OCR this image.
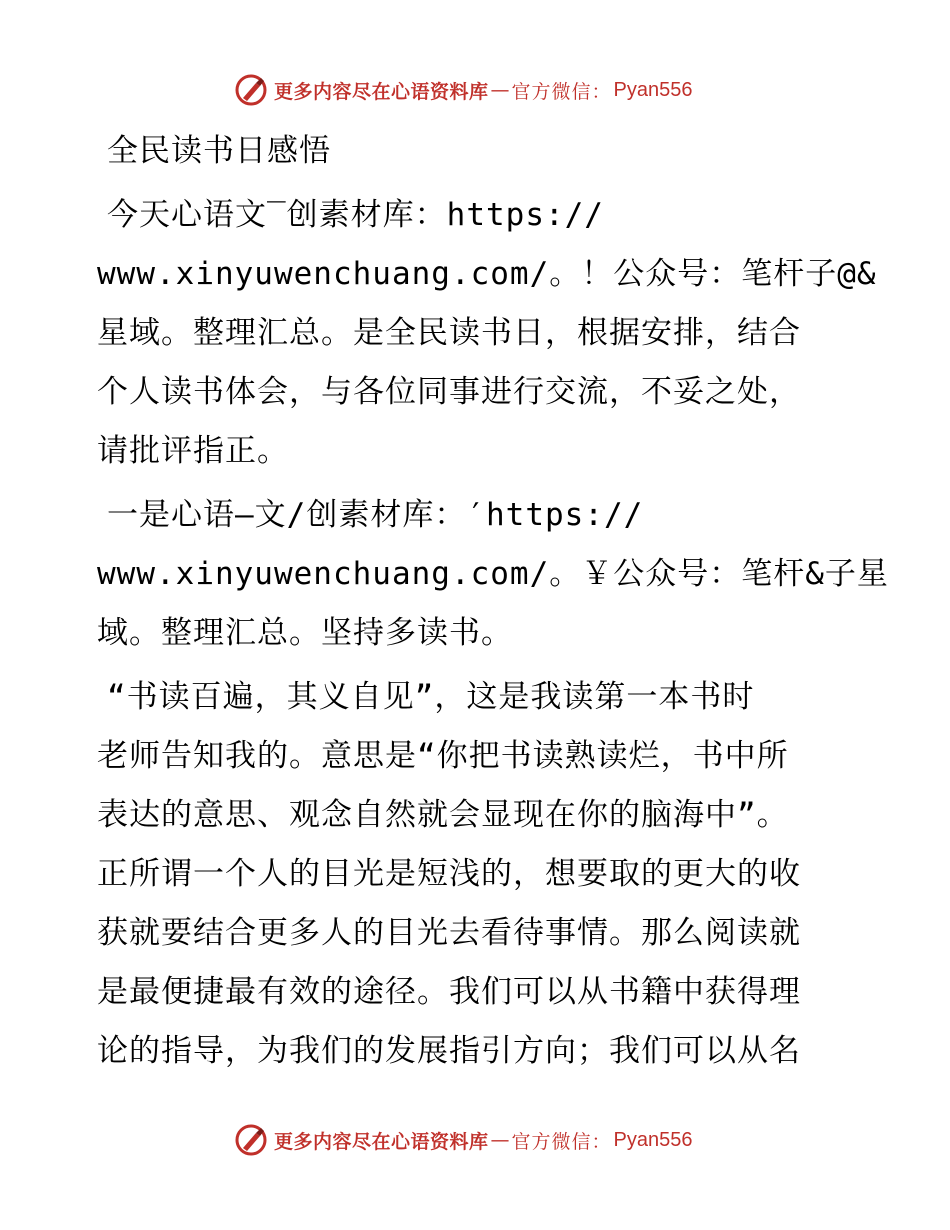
更多内容尽在心语资料库 — 官方微信： Pyan556
全民读书日感悟
今天心语文‾创素材库：https://
www.xinyuwenchuang.com/。！公众号：笔杆子@&
星域。整理汇总。是全民读书日，根据安排，结合
个人读书体会，与各位同事进行交流，不妥之处，
请批评指正。
一是心语—文/创素材库：′https://
www.xinyuwenchuang.com/。￥公众号：笔杆&子星
域。整理汇总。坚持多读书。
“书读百遍，其义自见”，这是我读第一本书时
老师告知我的。意思是“你把书读熟读烂，书中所
表达的意思、观念自然就会显现在你的脑海中”。
正所谓一个人的目光是短浅的，想要取的更大的收
获就要结合更多人的目光去看待事情。那么阅读就
是最便捷最有效的途径。我们可以从书籍中获得理
论的指导，为我们的发展指引方向；我们可以从名
更多内容尽在心语资料库 — 官方微信： Pyan556
